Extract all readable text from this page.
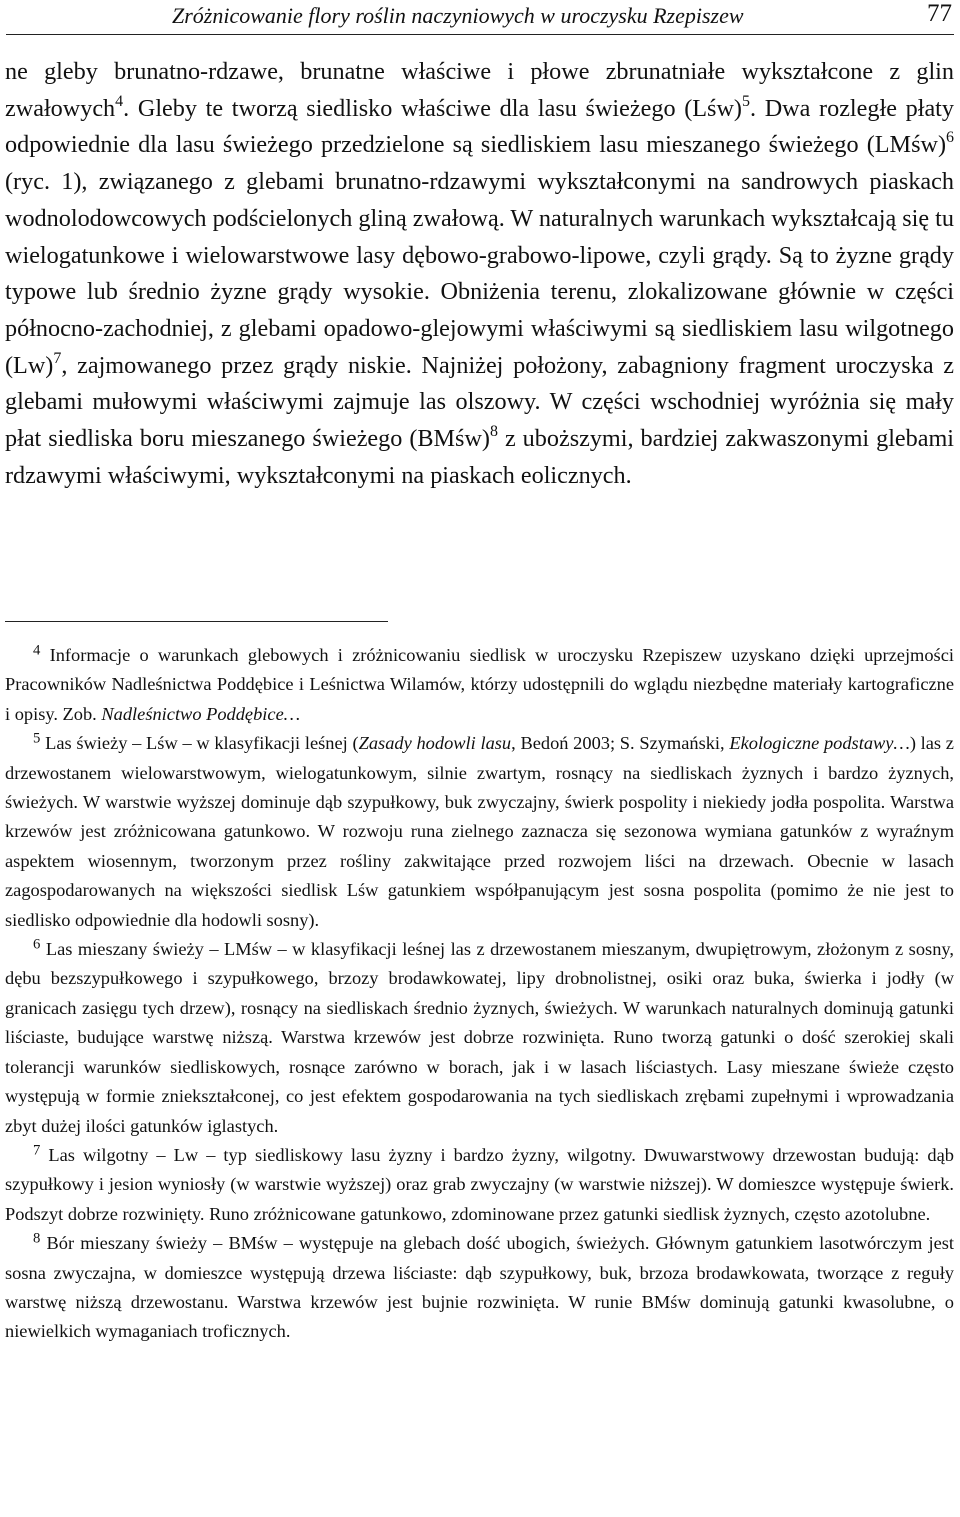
Zróżnicowanie flory roślin naczyniowych w uroczysku Rzepiszew	77

ne gleby brunatno-rdzawe, brunatne właściwe i płowe zbrunatniałe wykształcone z glin zwałowych$^4$. Gleby te tworzą siedlisko właściwe dla lasu świeżego (Lśw)$^5$. Dwa rozległe płaty odpowiednie dla lasu świeżego przedzielone są siedliskiem lasu mieszanego świeżego (LMśw)$^6$ (ryc. 1), związanego z glebami brunatno-rdzawymi wykształconymi na sandrowych piaskach wodnolodowcowych podścielonych gliną zwałową. W naturalnych warunkach wykształcają się tu wielogatunkowe i wielowarstwowe lasy dębowo-grabowo-lipowe, czyli grądy. Są to żyzne grądy typowe lub średnio żyzne grądy wysokie. Obniżenia terenu, zlokalizowane głównie w części północno-zachodniej, z glebami opadowo-glejowymi właściwymi są siedliskiem lasu wilgotnego $(Lw)^7$, zajmowanego przez grądy niskie. Najniżej położony, zabagniony fragment uroczyska z glebami mułowymi właściwymi zajmuje las olszowy. W części wschodniej wyróżnia się mały płat siedliska boru mieszanego świeżego (BMśw)$^8$ z uboższymi, bardziej zakwaszonymi glebami rdzawymi właściwymi, wykształconymi na piaskach eolicznych.

$^4$ Informacje o warunkach glebowych i zróżnicowaniu siedlisk w uroczysku Rzepiszew uzyskano dzięki uprzejmości Pracowników Nadleśnictwa Poddębice i Leśnictwa Wilamów, którzy udostępnili do wglądu niezbędne materiały kartograficzne i opisy. Zob. Nadleśnictwo Poddębice…

$^5$ Las świeży – Lśw – w klasyfikacji leśnej (Zasady hodowli lasu, Bedoń 2003; S. Szymański, Ekologiczne podstawy…) las z drzewostanem wielowarstwowym, wielogatunkowym, silnie zwartym, rosnący na siedliskach żyznych i bardzo żyznych, świeżych. W warstwie wyższej dominuje dąb szypułkowy, buk zwyczajny, świerk pospolity i niekiedy jodła pospolita. Warstwa krzewów jest zróżnicowana gatunkowo. W rozwoju runa zielnego zaznacza się sezonowa wymiana gatunków z wyraźnym aspektem wiosennym, tworzonym przez rośliny zakwitające przed rozwojem liści na drzewach. Obecnie w lasach zagospodarowanych na większości siedlisk Lśw gatunkiem współpanującym jest sosna pospolita (pomimo że nie jest to siedlisko odpowiednie dla hodowli sosny).

$^6$ Las mieszany świeży – LMśw – w klasyfikacji leśnej las z drzewostanem mieszanym, dwupiętrowym, złożonym z sosny, dębu bezszypułkowego i szypułkowego, brzozy brodawkowatej, lipy drobnolistnej, osiki oraz buka, świerka i jodły (w granicach zasięgu tych drzew), rosnący na siedliskach średnio żyznych, świeżych. W warunkach naturalnych dominują gatunki liściaste, budujące warstwę niższą. Warstwa krzewów jest dobrze rozwinięta. Runo tworzą gatunki o dość szerokiej skali tolerancji warunków siedliskowych, rosnące zarówno w borach, jak i w lasach liściastych. Lasy mieszane świeże często występują w formie zniekształconej, co jest efektem gospodarowania na tych siedliskach zrębami zupełnymi i wprowadzania zbyt dużej ilości gatunków iglastych.

$^7$ Las wilgotny – Lw – typ siedliskowy lasu żyzny i bardzo żyzny, wilgotny. Dwuwarstwowy drzewostan budują: dąb szypułkowy i jesion wyniosły (w warstwie wyższej) oraz grab zwyczajny (w warstwie niższej). W domieszce występuje świerk. Podszyt dobrze rozwinięty. Runo zróżnicowane gatunkowo, zdominowane przez gatunki siedlisk żyznych, często azotolubne.

$^8$ Bór mieszany świeży – BMśw – występuje na glebach dość ubogich, świeżych. Głównym gatunkiem lasotwórczym jest sosna zwyczajna, w domieszce występują drzewa liściaste: dąb szypułkowy, buk, brzoza brodawkowata, tworzące z reguły warstwę niższą drzewostanu. Warstwa krzewów jest bujnie rozwinięta. W runie BMśw dominują gatunki kwasolubne, o niewielkich wymaganiach troficznych.
